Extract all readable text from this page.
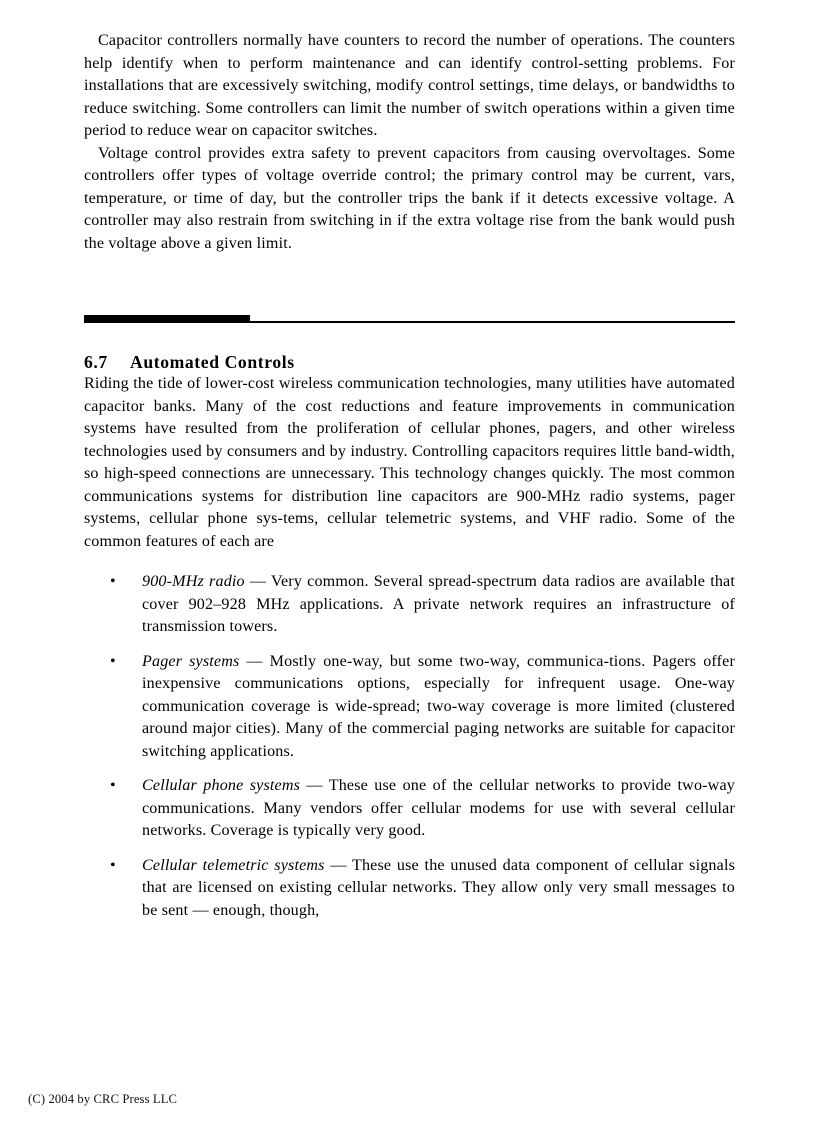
Capacitor controllers normally have counters to record the number of operations. The counters help identify when to perform maintenance and can identify control-setting problems. For installations that are excessively switching, modify control settings, time delays, or bandwidths to reduce switching. Some controllers can limit the number of switch operations within a given time period to reduce wear on capacitor switches.

Voltage control provides extra safety to prevent capacitors from causing overvoltages. Some controllers offer types of voltage override control; the primary control may be current, vars, temperature, or time of day, but the controller trips the bank if it detects excessive voltage. A controller may also restrain from switching in if the extra voltage rise from the bank would push the voltage above a given limit.

6.7 Automated Controls

Riding the tide of lower-cost wireless communication technologies, many utilities have automated capacitor banks. Many of the cost reductions and feature improvements in communication systems have resulted from the proliferation of cellular phones, pagers, and other wireless technologies used by consumers and by industry. Controlling capacitors requires little band-width, so high-speed connections are unnecessary. This technology changes quickly. The most common communications systems for distribution line capacitors are 900-MHz radio systems, pager systems, cellular phone sys-tems, cellular telemetric systems, and VHF radio. Some of the common features of each are

• 900-MHz radio — Very common. Several spread-spectrum data radios are available that cover 902–928 MHz applications. A private network requires an infrastructure of transmission towers.
• Pager systems — Mostly one-way, but some two-way, communica-tions. Pagers offer inexpensive communications options, especially for infrequent usage. One-way communication coverage is wide-spread; two-way coverage is more limited (clustered around major cities). Many of the commercial paging networks are suitable for capacitor switching applications.
• Cellular phone systems — These use one of the cellular networks to provide two-way communications. Many vendors offer cellular modems for use with several cellular networks. Coverage is typically very good.
• Cellular telemetric systems — These use the unused data component of cellular signals that are licensed on existing cellular networks. They allow only very small messages to be sent — enough, though,
(C) 2004 by CRC Press LLC
